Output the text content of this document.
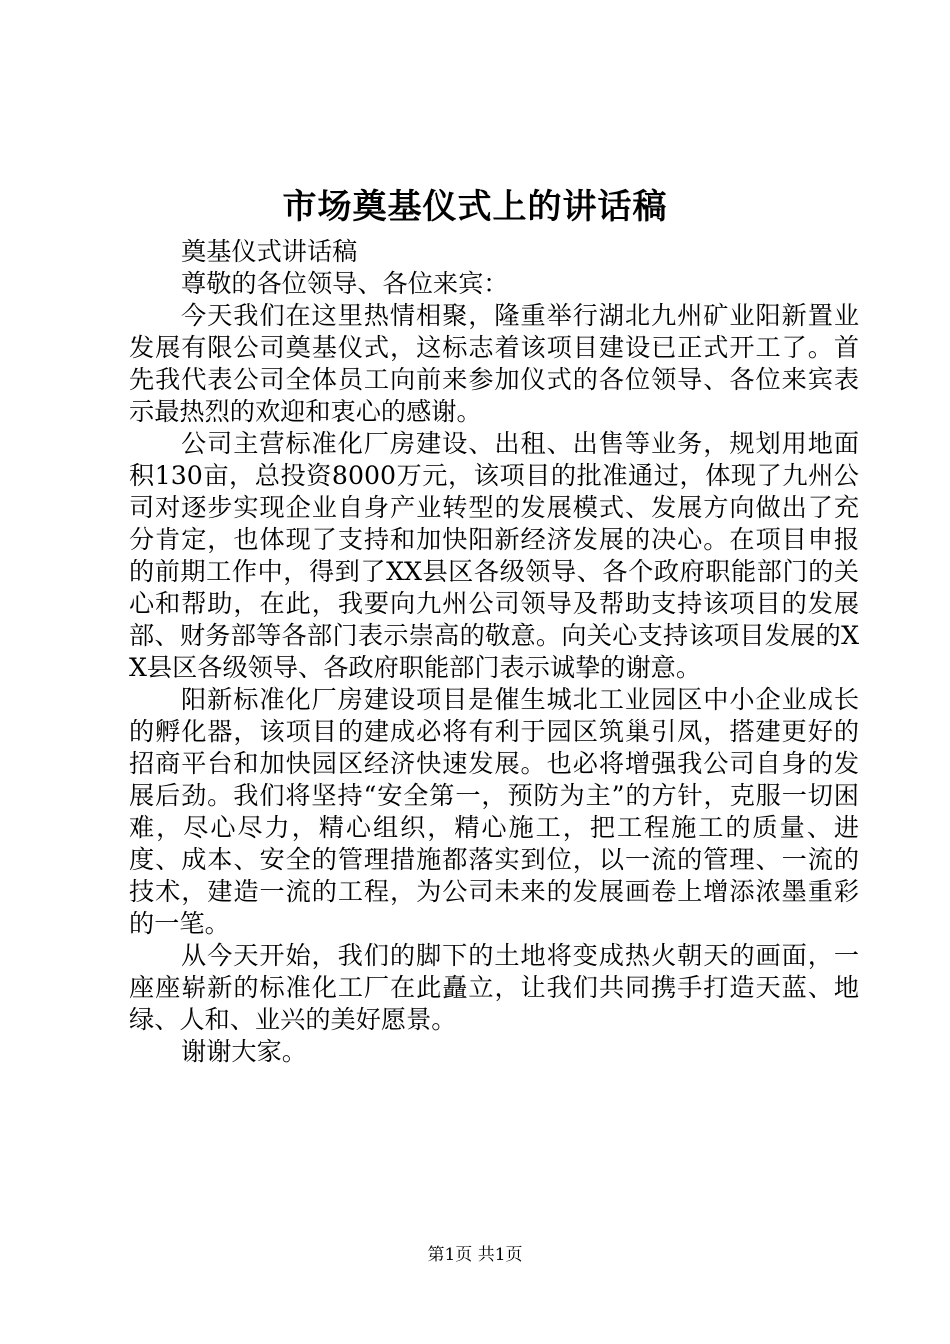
市场奠基仪式上的讲话稿

奠基仪式讲话稿

尊敬的各位领导、各位来宾：

今天我们在这里热情相聚，隆重举行湖北九州矿业阳新置业发展有限公司奠基仪式，这标志着该项目建设已正式开工了。首先我代表公司全体员工向前来参加仪式的各位领导、各位来宾表示最热烈的欢迎和衷心的感谢。

公司主营标准化厂房建设、出租、出售等业务，规划用地面积130亩，总投资8000万元，该项目的批准通过，体现了九州公司对逐步实现企业自身产业转型的发展模式、发展方向做出了充分肯定，也体现了支持和加快阳新经济发展的决心。在项目申报的前期工作中，得到了XX县区各级领导、各个政府职能部门的关心和帮助，在此，我要向九州公司领导及帮助支持该项目的发展部、财务部等各部门表示崇高的敬意。向关心支持该项目发展的XX县区各级领导、各政府职能部门表示诚挚的谢意。

阳新标准化厂房建设项目是催生城北工业园区中小企业成长的孵化器，该项目的建成必将有利于园区筑巢引凤，搭建更好的招商平台和加快园区经济快速发展。也必将增强我公司自身的发展后劲。我们将坚持“安全第一，预防为主”的方针，克服一切困难，尽心尽力，精心组织，精心施工，把工程施工的质量、进度、成本、安全的管理措施都落实到位，以一流的管理、一流的技术，建造一流的工程，为公司未来的发展画卷上增添浓墨重彩的一笔。

从今天开始，我们的脚下的土地将变成热火朝天的画面，一座座崭新的标准化工厂在此矗立，让我们共同携手打造天蓝、地绿、人和、业兴的美好愿景。

谢谢大家。

第1页 共1页
